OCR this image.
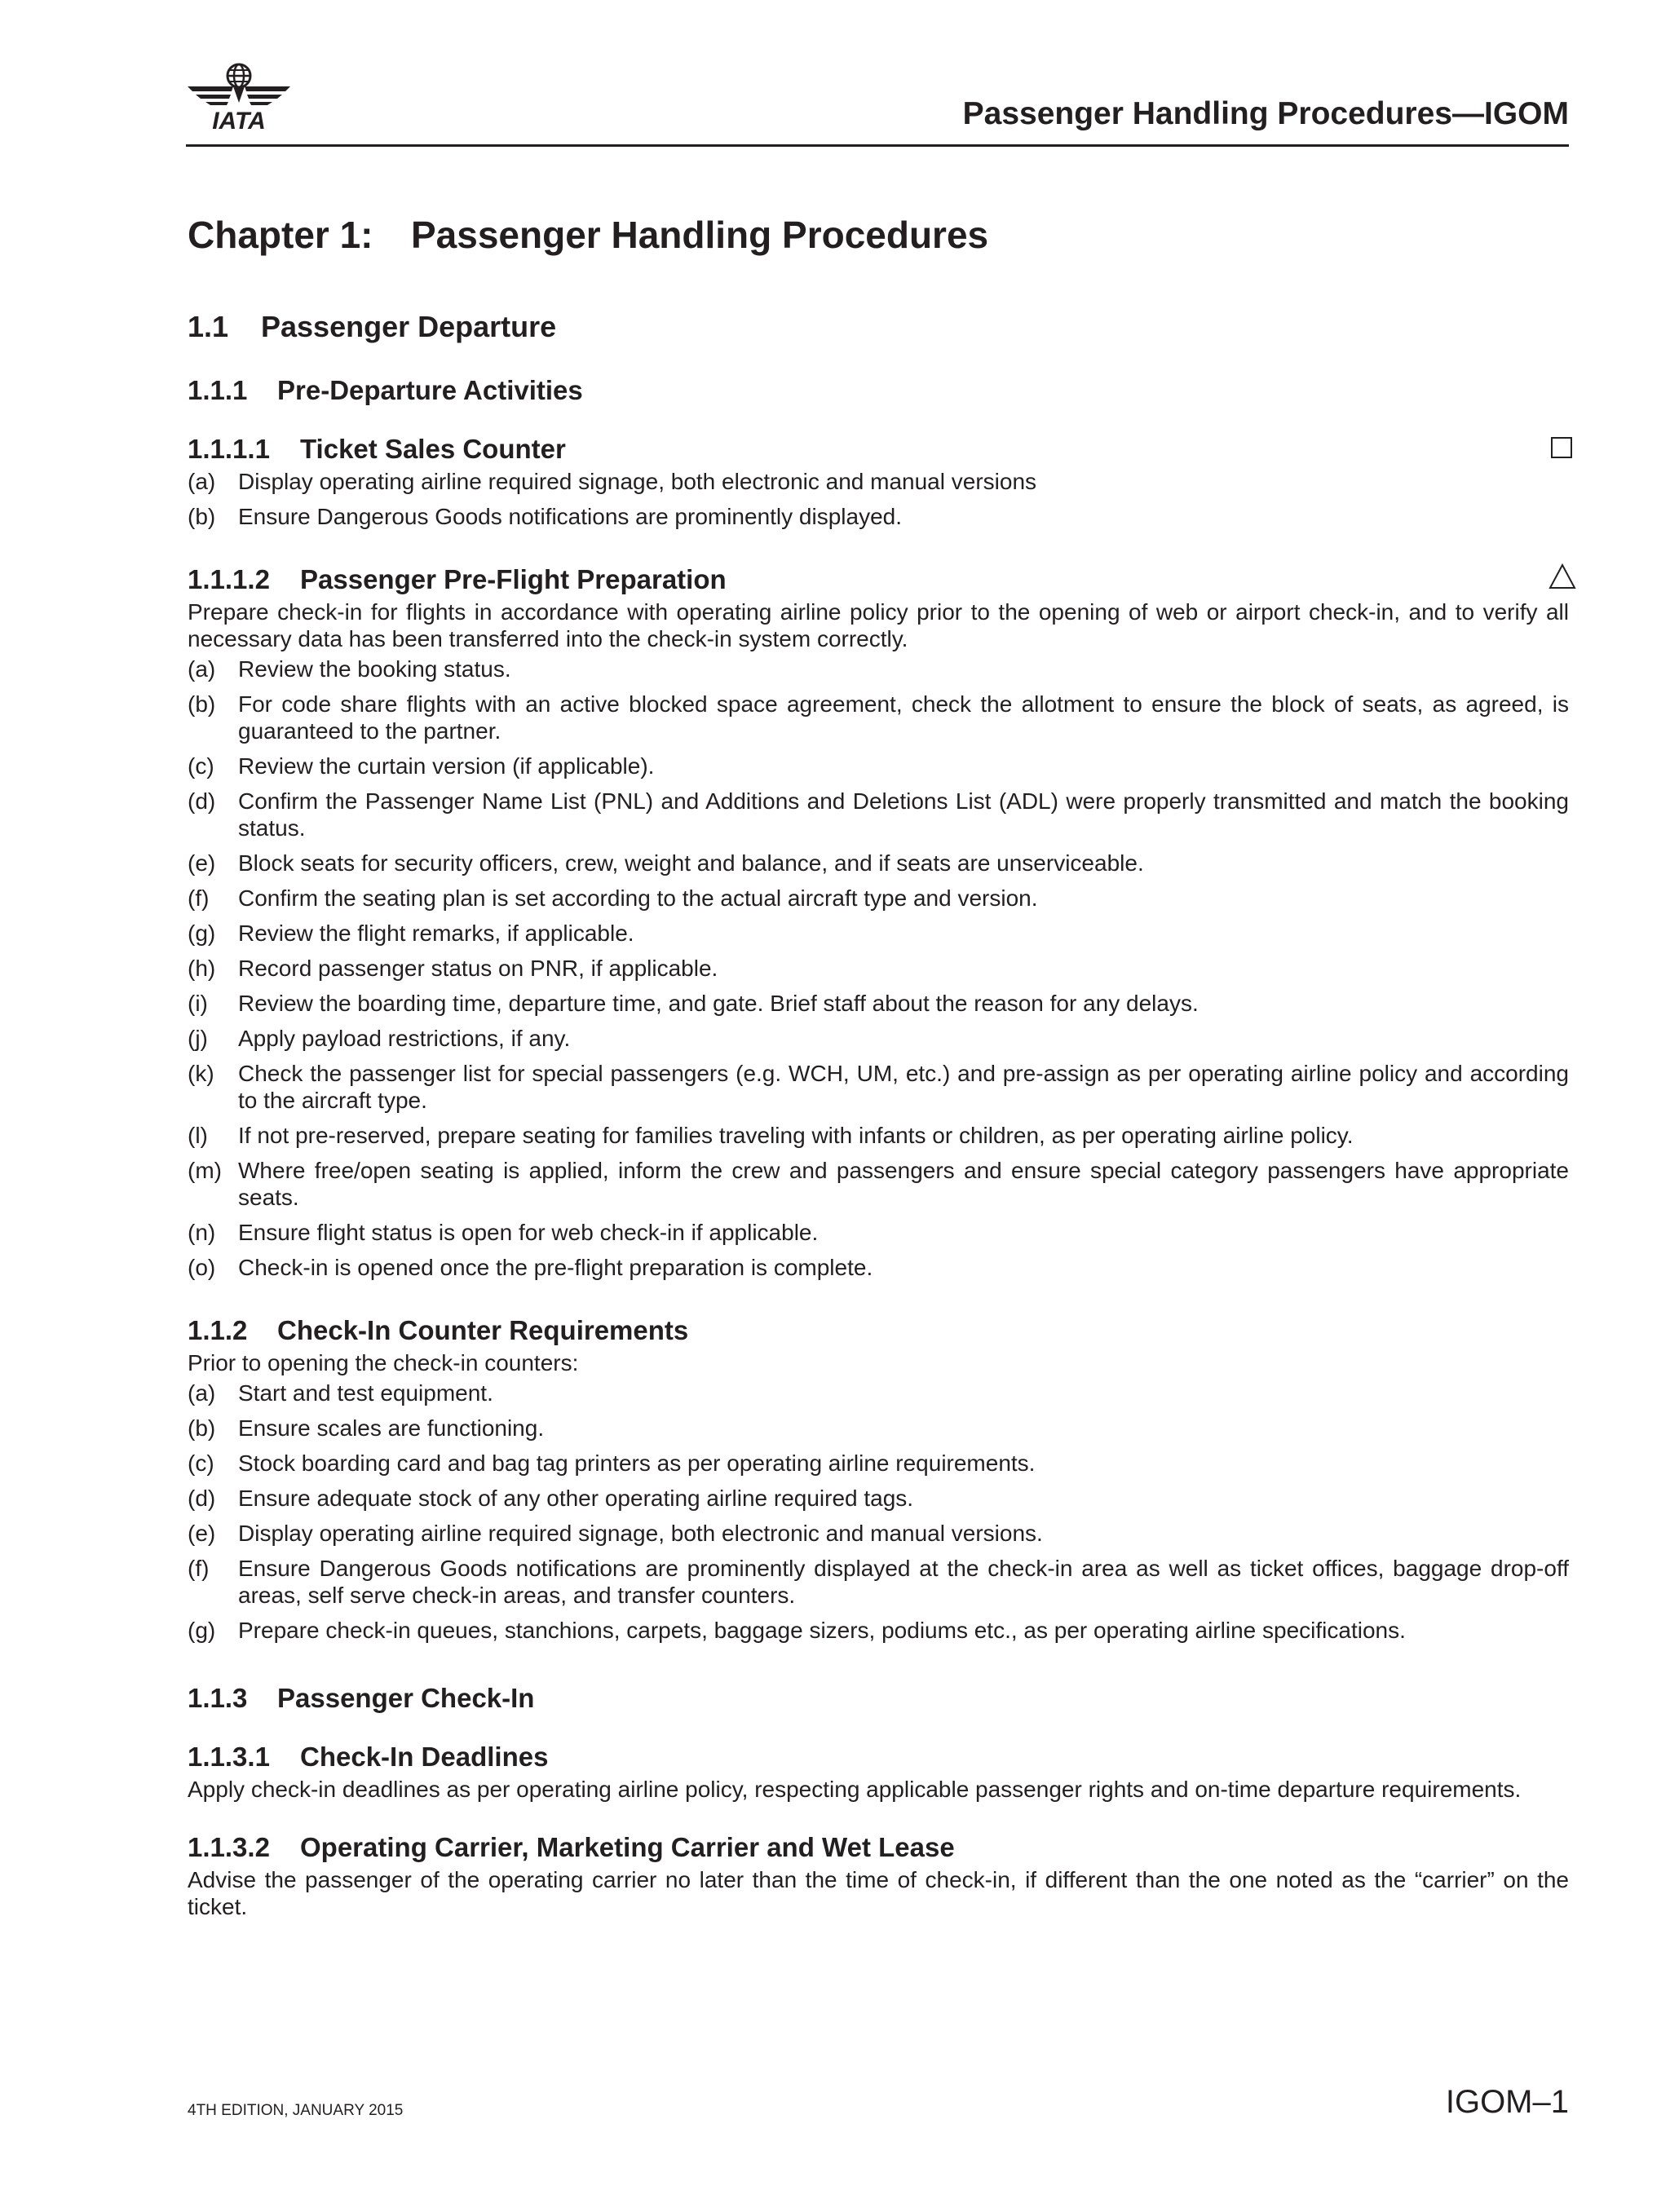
IATA	Passenger Handling Procedures—IGOM
Chapter 1: Passenger Handling Procedures
1.1 Passenger Departure
1.1.1 Pre-Departure Activities
1.1.1.1 Ticket Sales Counter
(a) Display operating airline required signage, both electronic and manual versions
(b) Ensure Dangerous Goods notifications are prominently displayed.
1.1.1.2 Passenger Pre-Flight Preparation

Prepare check-in for flights in accordance with operating airline policy prior to the opening of web or airport check-in, and to verify all necessary data has been transferred into the check-in system correctly.

(a) Review the booking status.
(b) For code share flights with an active blocked space agreement, check the allotment to ensure the block of seats, as agreed, is guaranteed to the partner.
(c) Review the curtain version (if applicable).
(d) Confirm the Passenger Name List (PNL) and Additions and Deletions List (ADL) were properly transmitted and match the booking status.
(e) Block seats for security officers, crew, weight and balance, and if seats are unserviceable.
(f) Confirm the seating plan is set according to the actual aircraft type and version.
(g) Review the flight remarks, if applicable.
(h) Record passenger status on PNR, if applicable.
(i) Review the boarding time, departure time, and gate. Brief staff about the reason for any delays.
(j) Apply payload restrictions, if any.
(k) Check the passenger list for special passengers (e.g. WCH, UM, etc.) and pre-assign as per operating airline policy and according to the aircraft type.
(l) If not pre-reserved, prepare seating for families traveling with infants or children, as per operating airline policy.
(m) Where free/open seating is applied, inform the crew and passengers and ensure special category passengers have appropriate seats.
(n) Ensure flight status is open for web check-in if applicable.
(o) Check-in is opened once the pre-flight preparation is complete.
1.1.2 Check-In Counter Requirements

Prior to opening the check-in counters:

(a) Start and test equipment.
(b) Ensure scales are functioning.
(c) Stock boarding card and bag tag printers as per operating airline requirements.
(d) Ensure adequate stock of any other operating airline required tags.
(e) Display operating airline required signage, both electronic and manual versions.
(f) Ensure Dangerous Goods notifications are prominently displayed at the check-in area as well as ticket offices, baggage drop-off areas, self serve check-in areas, and transfer counters.
(g) Prepare check-in queues, stanchions, carpets, baggage sizers, podiums etc., as per operating airline specifications.
1.1.3 Passenger Check-In
1.1.3.1 Check-In Deadlines

Apply check-in deadlines as per operating airline policy, respecting applicable passenger rights and on-time departure requirements.

1.1.3.2 Operating Carrier, Marketing Carrier and Wet Lease

Advise the passenger of the operating carrier no later than the time of check-in, if different than the one noted as the “carrier” on the ticket.

4TH EDITION, JANUARY 2015	IGOM–1
